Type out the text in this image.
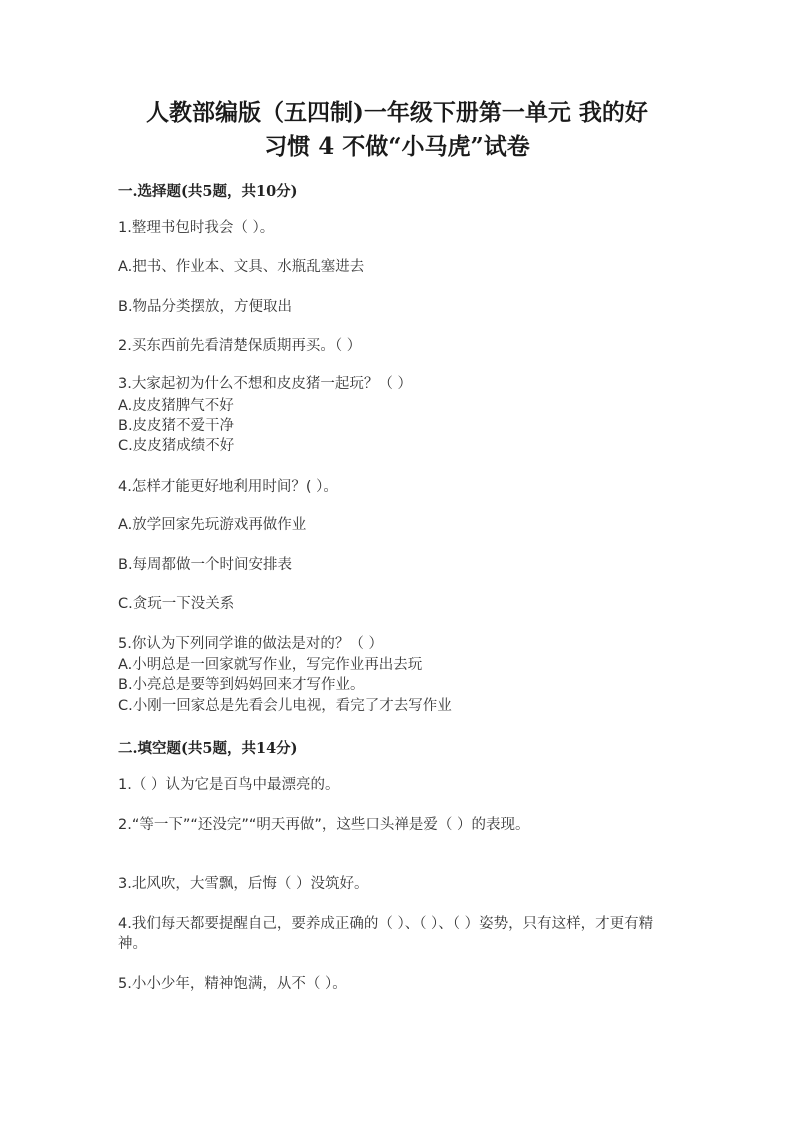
人教部编版（五四制)一年级下册第一单元 我的好
习惯 4 不做“小马虎”试卷
一.选择题(共5题，共10分)
1.整理书包时我会（ ）。
A.把书、作业本、文具、水瓶乱塞进去
B.物品分类摆放，方便取出
2.买东西前先看清楚保质期再买。（ ）
3.大家起初为什么不想和皮皮猪一起玩？（ ）
A.皮皮猪脾气不好
B.皮皮猪不爱干净
C.皮皮猪成绩不好
4.怎样才能更好地利用时间？( ）。
A.放学回家先玩游戏再做作业
B.每周都做一个时间安排表
C.贪玩一下没关系
5.你认为下列同学谁的做法是对的？（ ）
A.小明总是一回家就写作业，写完作业再出去玩
B.小亮总是要等到妈妈回来才写作业。
C.小刚一回家总是先看会儿电视，看完了才去写作业
二.填空题(共5题，共14分)
1.（ ）认为它是百鸟中最漂亮的。
2.“等一下”“还没完”“明天再做”，这些口头禅是爱（ ）的表现。
3.北风吹，大雪飘，后悔（ ）没筑好。
4.我们每天都要提醒自己，要养成正确的（ ）、（ ）、（ ）姿势，只有这样，才更有精神。
5.小小少年，精神饱满，从不（ ）。
